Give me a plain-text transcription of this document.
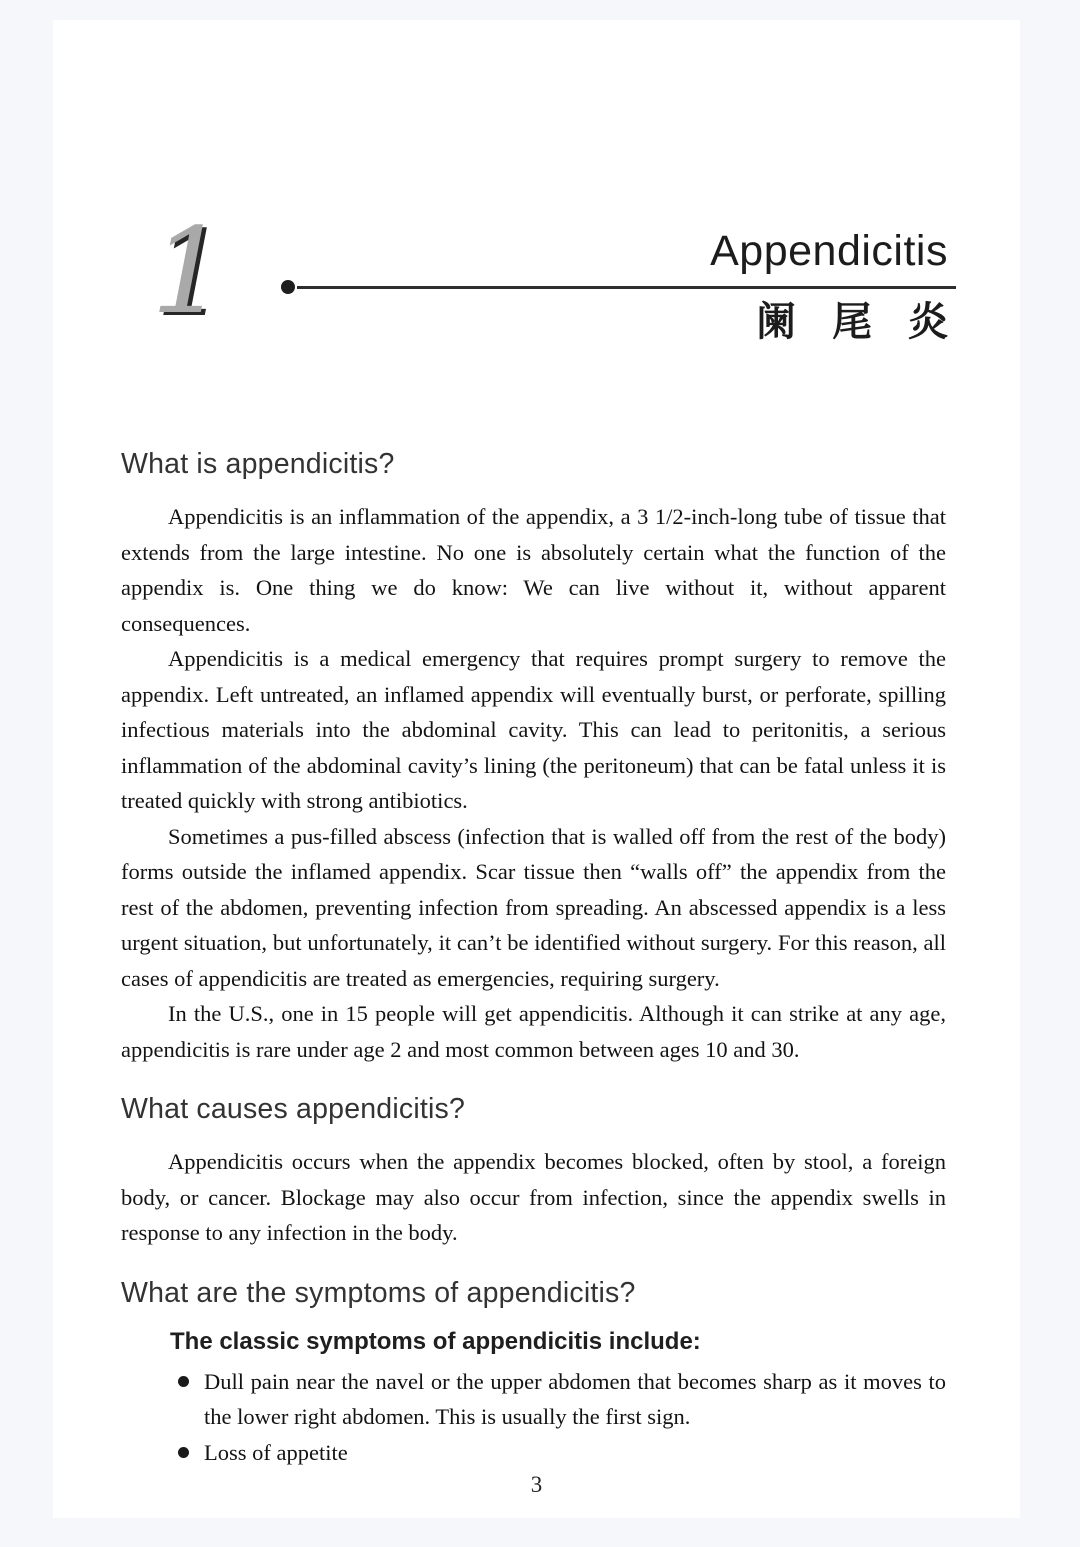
1	Appendicitis
阑 尾 炎
What is appendicitis?

Appendicitis is an inflammation of the appendix, a 3 1/2-inch-long tube of tissue that extends from the large intestine. No one is absolutely certain what the function of the appendix is. One thing we do know: We can live without it, without apparent consequences.

Appendicitis is a medical emergency that requires prompt surgery to remove the appendix. Left untreated, an inflamed appendix will eventually burst, or perforate, spilling infectious materials into the abdominal cavity. This can lead to peritonitis, a serious inflammation of the abdominal cavity’s lining (the peritoneum) that can be fatal unless it is treated quickly with strong antibiotics.

Sometimes a pus-filled abscess (infection that is walled off from the rest of the body) forms outside the inflamed appendix. Scar tissue then “walls off” the appendix from the rest of the abdomen, preventing infection from spreading. An abscessed appendix is a less urgent situation, but unfortunately, it can’t be identified without surgery. For this reason, all cases of appendicitis are treated as emergencies, requiring surgery.

In the U.S., one in 15 people will get appendicitis. Although it can strike at any age, appendicitis is rare under age 2 and most common between ages 10 and 30.

What causes appendicitis?

Appendicitis occurs when the appendix becomes blocked, often by stool, a foreign body, or cancer. Blockage may also occur from infection, since the appendix swells in response to any infection in the body.

What are the symptoms of appendicitis?
The classic symptoms of appendicitis include:
Dull pain near the navel or the upper abdomen that becomes sharp as it moves to the lower right abdomen. This is usually the first sign.
Loss of appetite
3
